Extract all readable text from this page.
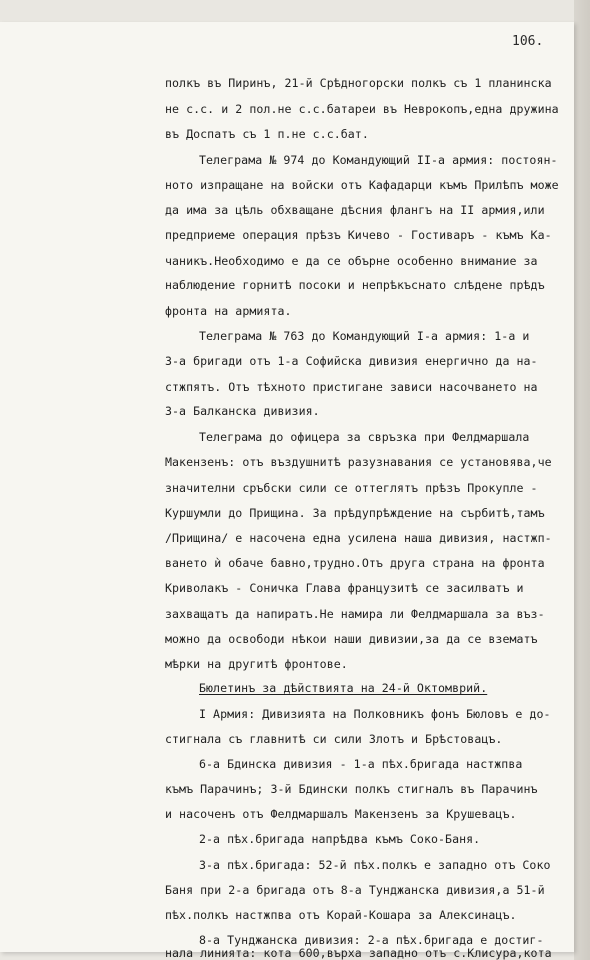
106.
полкъ въ Пиринъ, 21-й Срѣдногорски полкъ съ 1 планинска
не с.с. и 2 пол.не с.с.батареи въ Неврокопъ,една дружина
въ Доспатъ съ 1 п.не с.с.бат.
Телеграма № 974 до Командующий II-а армия: постоян-
ното изпращане на войски отъ Кафадарци къмъ Прилѣпъ може
да има за цѣль обхващане дѣсния флангъ на II армия,или
предприеме операция прѣзъ Кичево - Гостиваръ - къмъ Ка-
чаникъ.Необходимо е да се обърне особенно внимание за
наблюдение горнитѣ посоки и непрѣкъснато слѣдене прѣдъ
фронта на армията.
Телеграма № 763 до Командующий I-а армия: 1-а и
3-а бригади отъ 1-а Софийска дивизия енергично да на-
стжпятъ. Отъ тѣхното пристигане зависи насочването на
3-а Балканска дивизия.
Телеграма до офицера за свръзка при Фелдмаршала
Макензенъ: отъ въздушнитѣ разузнавания се установява,че
значителни сръбски сили се оттеглятъ прѣзъ Прокупле -
Куршумли до Прищина. За прѣдупрѣждение на сърбитѣ,тамъ
/Прищина/ е насочена една усилена наша дивизия, настжп-
ването ѝ обаче бавно,трудно.Отъ друга страна на фронта
Криволакъ - Соничка Глава французитѣ се засилватъ и
захващатъ да напиратъ.Не намира ли Фелдмаршала за въз-
можно да освободи нѣкои наши дивизии,за да се взематъ
мѣрки на другитѣ фронтове.
Бюлетинъ за дѣйствията на 24-й Октомврий.
I Армия: Дивизията на Полковникъ фонъ Бюловъ е до-
стигнала съ главнитѣ си сили Злотъ и Брѣстовацъ.
6-а Бдинска дивизия - 1-а пѣх.бригада настжпва
къмъ Парачинъ; 3-й Бдински полкъ стигналъ въ Парачинъ
и насоченъ отъ Фелдмаршалъ Макензенъ за Крушевацъ.
2-а пѣх.бригада напрѣдва къмъ Соко-Баня.
3-а пѣх.бригада: 52-й пѣх.полкъ е западно отъ Соко
Баня при 2-а бригада отъ 8-а Тунджанска дивизия,а 51-й
пѣх.полкъ настжпва отъ Корай-Кошара за Алексинацъ.
8-а Тунджанска дивизия: 2-а пѣх.бригада е достиг-
нала линията: кота 600,върха западно отъ с.Клисура,кота
